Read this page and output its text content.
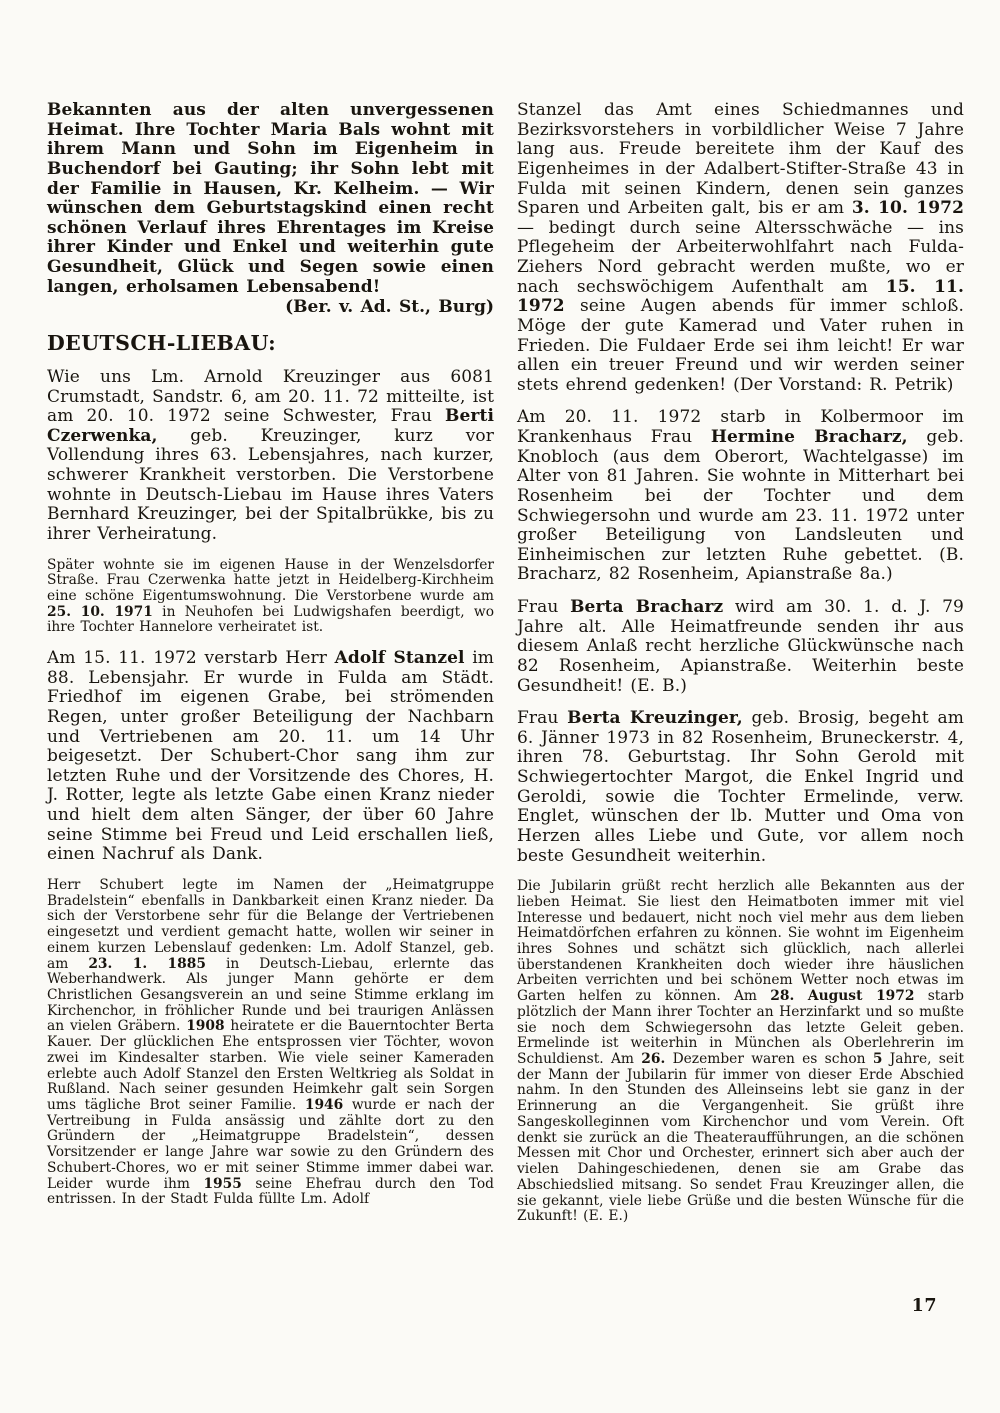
Bekannten aus der alten unvergessenen Heimat. Ihre Tochter Maria Bals wohnt mit ihrem Mann und Sohn im Eigenheim in Buchendorf bei Gauting; ihr Sohn lebt mit der Familie in Hausen, Kr. Kelheim. — Wir wünschen dem Geburtstagskind einen recht schönen Verlauf ihres Ehrentages im Kreise ihrer Kinder und Enkel und weiterhin gute Gesundheit, Glück und Segen sowie einen langen, erholsamen Lebensabend!
(Ber. v. Ad. St., Burg)
DEUTSCH-LIEBAU:
Wie uns Lm. Arnold Kreuzinger aus 6081 Crumstadt, Sandstr. 6, am 20. 11. 72 mitteilte, ist am 20. 10. 1972 seine Schwester, Frau Berti Czerwenka, geb. Kreuzinger, kurz vor Vollendung ihres 63. Lebensjahres, nach kurzer, schwerer Krankheit verstorben. Die Verstorbene wohnte in Deutsch-Liebau im Hause ihres Vaters Bernhard Kreuzinger, bei der Spitalbrükke, bis zu ihrer Verheiratung.
Später wohnte sie im eigenen Hause in der Wenzelsdorfer Straße. Frau Czerwenka hatte jetzt in Heidelberg-Kirchheim eine schöne Eigentumswohnung. Die Verstorbene wurde am 25. 10. 1971 in Neuhofen bei Ludwigshafen beerdigt, wo ihre Tochter Hannelore verheiratet ist.
Am 15. 11. 1972 verstarb Herr Adolf Stanzel im 88. Lebensjahr. Er wurde in Fulda am Städt. Friedhof im eigenen Grabe, bei strömenden Regen, unter großer Beteiligung der Nachbarn und Vertriebenen am 20. 11. um 14 Uhr beigesetzt. Der Schubert-Chor sang ihm zur letzten Ruhe und der Vorsitzende des Chores, H. J. Rotter, legte als letzte Gabe einen Kranz nieder und hielt dem alten Sänger, der über 60 Jahre seine Stimme bei Freud und Leid erschallen ließ, einen Nachruf als Dank.
Herr Schubert legte im Namen der „Heimatgruppe Bradelstein“ ebenfalls in Dankbarkeit einen Kranz nieder. Da sich der Verstorbene sehr für die Belange der Vertriebenen eingesetzt und verdient gemacht hatte, wollen wir seiner in einem kurzen Lebenslauf gedenken: Lm. Adolf Stanzel, geb. am 23. 1. 1885 in Deutsch-Liebau, erlernte das Weberhandwerk. Als junger Mann gehörte er dem Christlichen Gesangsverein an und seine Stimme erklang im Kirchenchor, in fröhlicher Runde und bei traurigen Anlässen an vielen Gräbern. 1908 heiratete er die Bauerntochter Berta Kauer. Der glücklichen Ehe entsprossen vier Töchter, wovon zwei im Kindesalter starben. Wie viele seiner Kameraden erlebte auch Adolf Stanzel den Ersten Weltkrieg als Soldat in Rußland. Nach seiner gesunden Heimkehr galt sein Sorgen ums tägliche Brot seiner Familie. 1946 wurde er nach der Vertreibung in Fulda ansässig und zählte dort zu den Gründern der „Heimatgruppe Bradelstein“, dessen Vorsitzender er lange Jahre war sowie zu den Gründern des Schubert-Chores, wo er mit seiner Stimme immer dabei war. Leider wurde ihm 1955 seine Ehefrau durch den Tod entrissen. In der Stadt Fulda füllte Lm. Adolf
Stanzel das Amt eines Schiedmannes und Bezirksvorstehers in vorbildlicher Weise 7 Jahre lang aus. Freude bereitete ihm der Kauf des Eigenheimes in der Adalbert-Stifter-Straße 43 in Fulda mit seinen Kindern, denen sein ganzes Sparen und Arbeiten galt, bis er am 3. 10. 1972 — bedingt durch seine Altersschwäche — ins Pflegeheim der Arbeiterwohlfahrt nach Fulda-Ziehers Nord gebracht werden mußte, wo er nach sechswöchigem Aufenthalt am 15. 11. 1972 seine Augen abends für immer schloß. Möge der gute Kamerad und Vater ruhen in Frieden. Die Fuldaer Erde sei ihm leicht! Er war allen ein treuer Freund und wir werden seiner stets ehrend gedenken! (Der Vorstand: R. Petrik)
Am 20. 11. 1972 starb in Kolbermoor im Krankenhaus Frau Hermine Bracharz, geb. Knobloch (aus dem Oberort, Wachtelgasse) im Alter von 81 Jahren. Sie wohnte in Mitterhart bei Rosenheim bei der Tochter und dem Schwiegersohn und wurde am 23. 11. 1972 unter großer Beteiligung von Landsleuten und Einheimischen zur letzten Ruhe gebettet. (B. Bracharz, 82 Rosenheim, Apianstraße 8a.)
Frau Berta Bracharz wird am 30. 1. d. J. 79 Jahre alt. Alle Heimatfreunde senden ihr aus diesem Anlaß recht herzliche Glückwünsche nach 82 Rosenheim, Apianstraße. Weiterhin beste Gesundheit! (E. B.)
Frau Berta Kreuzinger, geb. Brosig, begeht am 6. Jänner 1973 in 82 Rosenheim, Bruneckerstr. 4, ihren 78. Geburtstag. Ihr Sohn Gerold mit Schwiegertochter Margot, die Enkel Ingrid und Geroldi, sowie die Tochter Ermelinde, verw. Englet, wünschen der lb. Mutter und Oma von Herzen alles Liebe und Gute, vor allem noch beste Gesundheit weiterhin.
Die Jubilarin grüßt recht herzlich alle Bekannten aus der lieben Heimat. Sie liest den Heimatboten immer mit viel Interesse und bedauert, nicht noch viel mehr aus dem lieben Heimatdörfchen erfahren zu können. Sie wohnt im Eigenheim ihres Sohnes und schätzt sich glücklich, nach allerlei überstandenen Krankheiten doch wieder ihre häuslichen Arbeiten verrichten und bei schönem Wetter noch etwas im Garten helfen zu können. Am 28. August 1972 starb plötzlich der Mann ihrer Tochter an Herzinfarkt und so mußte sie noch dem Schwiegersohn das letzte Geleit geben. Ermelinde ist weiterhin in München als Oberlehrerin im Schuldienst. Am 26. Dezember waren es schon 5 Jahre, seit der Mann der Jubilarin für immer von dieser Erde Abschied nahm. In den Stunden des Alleinseins lebt sie ganz in der Erinnerung an die Vergangenheit. Sie grüßt ihre Sangeskolleginnen vom Kirchenchor und vom Verein. Oft denkt sie zurück an die Theateraufführungen, an die schönen Messen mit Chor und Orchester, erinnert sich aber auch der vielen Dahingeschiedenen, denen sie am Grabe das Abschiedslied mitsang. So sendet Frau Kreuzinger allen, die sie gekannt, viele liebe Grüße und die besten Wünsche für die Zukunft! (E. E.)
17
